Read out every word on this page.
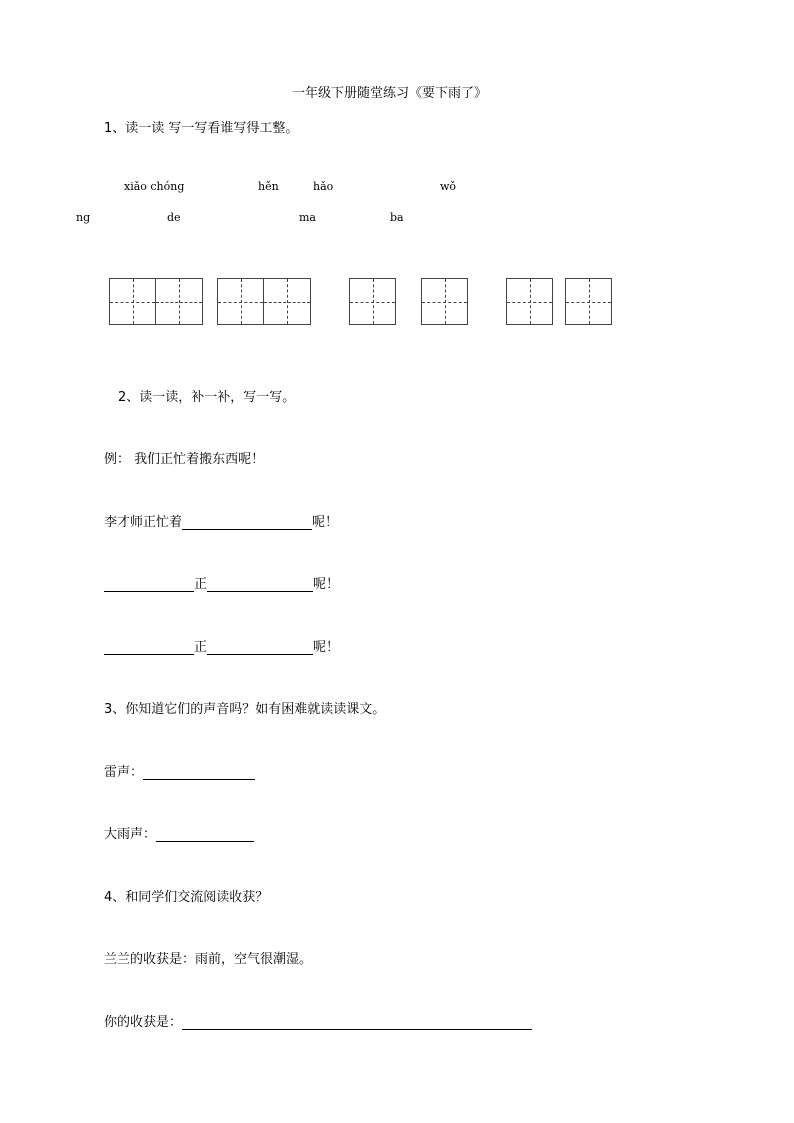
一年级下册随堂练习《要下雨了》
1、读一读 写一写看谁写得工整。
xiǎo chóng	hěn	hǎo	wǒ
ng	de	ma	ba
2、读一读，补一补，写一写。
例： 我们正忙着搬东西呢！
李才师正忙着	呢！
正	呢！
正	呢！
3、你知道它们的声音吗？如有困难就读读课文。
雷声：
大雨声：
4、和同学们交流阅读收获？
兰兰的收获是：雨前，空气很潮湿。
你的收获是：
